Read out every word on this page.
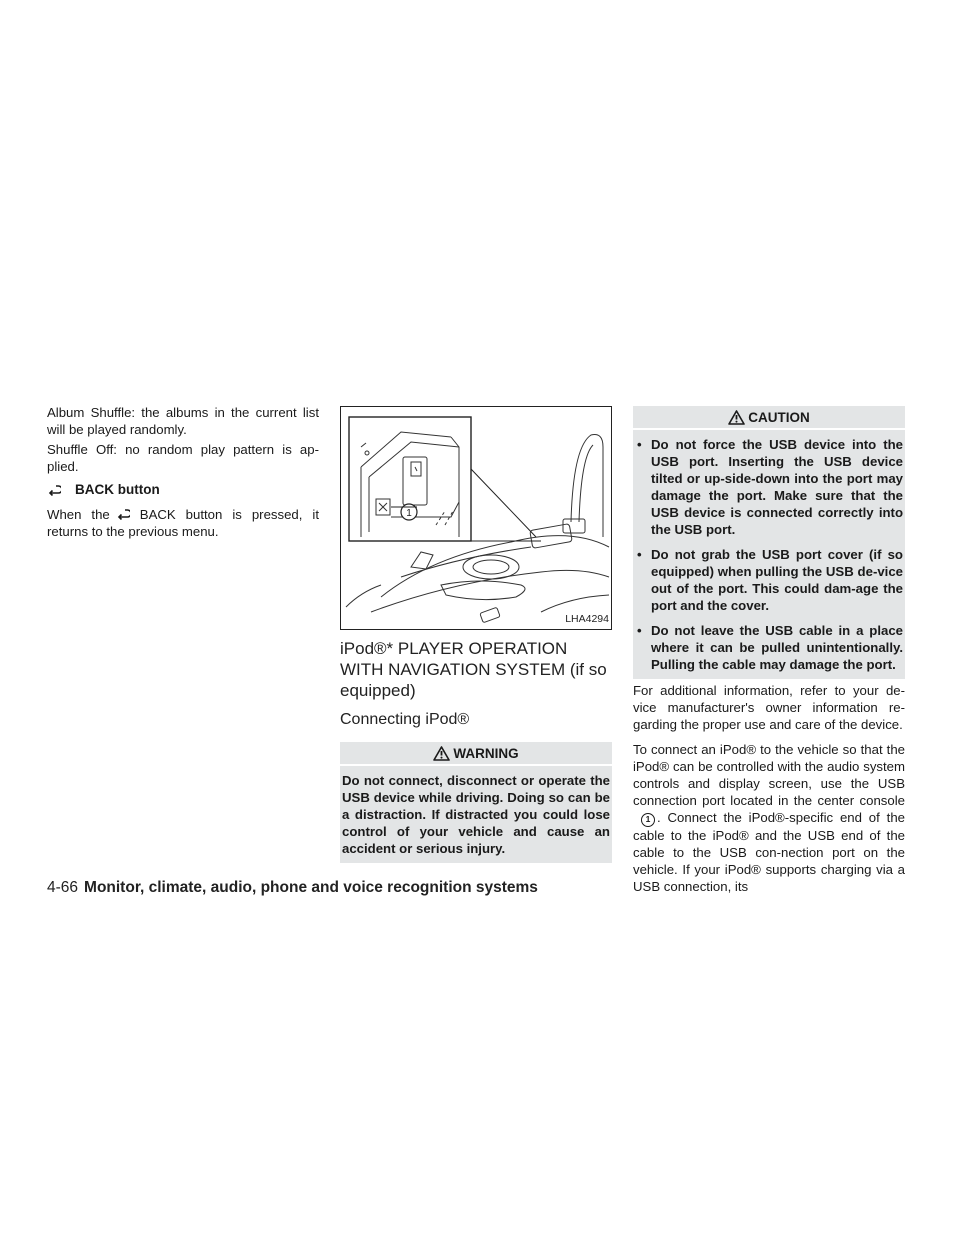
Album Shuffle: the albums in the current list will be played randomly.

Shuffle Off: no random play pattern is ap-plied.

BACK button

When the BACK button is pressed, it returns to the previous menu.

1
LHA4294
iPod®* PLAYER OPERATION WITH NAVIGATION SYSTEM (if so equipped)
Connecting iPod®
WARNING

Do not connect, disconnect or operate the USB device while driving. Doing so can be a distraction. If distracted you could lose control of your vehicle and cause an accident or serious injury.

CAUTION
• Do not force the USB device into the USB port. Inserting the USB device tilted or up-side-down into the port may damage the port. Make sure that the USB device is connected correctly into the USB port.
• Do not grab the USB port cover (if so equipped) when pulling the USB de-vice out of the port. This could dam-age the port and the cover.
• Do not leave the USB cable in a place where it can be pulled unintentionally. Pulling the cable may damage the port.

For additional information, refer to your de-vice manufacturer's owner information re-garding the proper use and care of the device.

To connect an iPod® to the vehicle so that the iPod® can be controlled with the audio system controls and display screen, use the USB connection port located in the center console1 . Connect the iPod®-specific end of the cable to the iPod® and the USB end of the cable to the USB con-nection port on the vehicle. If your iPod® supports charging via a USB connection, its

4-66 Monitor, climate, audio, phone and voice recognition systems
